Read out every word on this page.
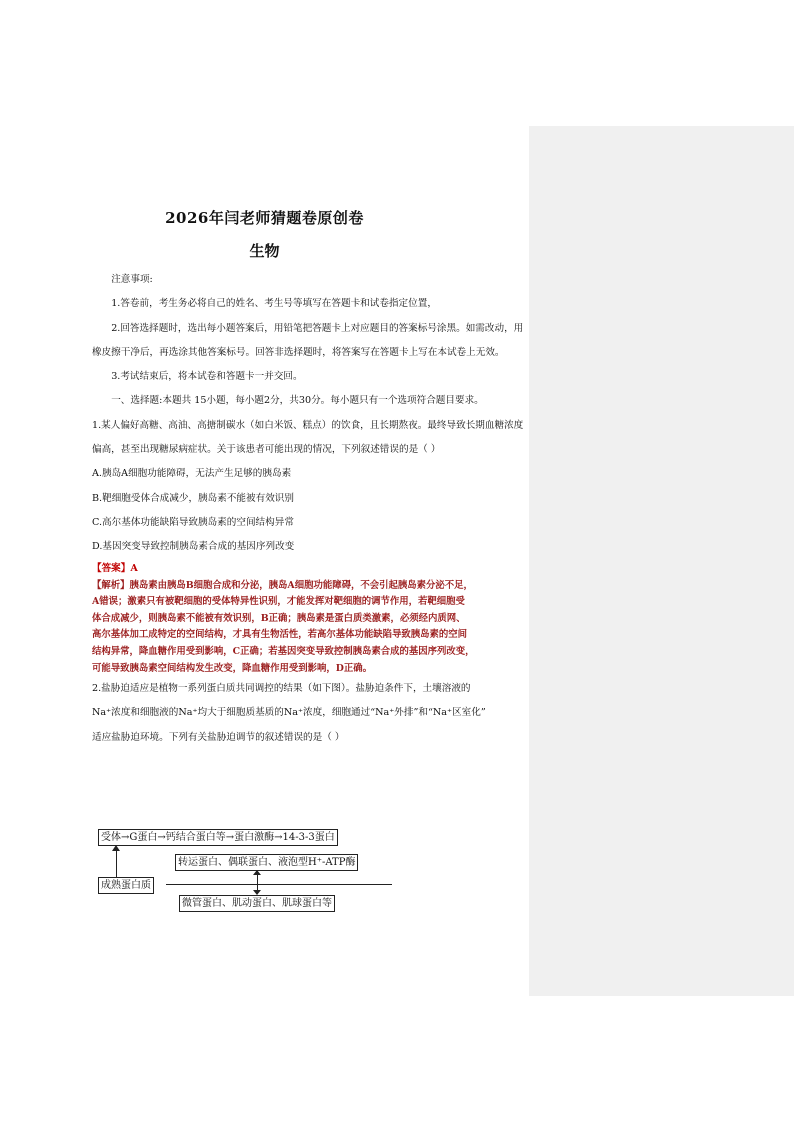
2026年闫老师猜题卷原创卷
生物

注意事项:

1.答卷前，考生务必将自己的姓名、考生号等填写在答题卡和试卷指定位置，

2.回答选择题时，选出每小题答案后，用铅笔把答题卡上对应题目的答案标号涂黑。如需改动，用橡皮擦干净后，再选涂其他答案标号。回答非选择题时，将答案写在答题卡上写在本试卷上无效。

3.考试结束后，将本试卷和答题卡一并交回。

一、选择题:本题共 15小题，每小题2分，共30分。每小题只有一个选项符合题目要求。

1.某人偏好高糖、高油、高搪制碳水（如白米饭、糕点）的饮食，且长期熬夜。最终导致长期血糖浓度偏高，甚至出现糖尿病症状。关于该患者可能出现的情况，下列叙述错误的是（ ）

A.胰岛A细胞功能障碍，无法产生足够的胰岛素

B.靶细胞受体合成减少，胰岛素不能被有效识别

C.高尔基体功能缺陷导致胰岛素的空间结构异常

D.基因突变导致控制胰岛素合成的基因序列改变

【答案】A

【解析】胰岛素由胰岛B细胞合成和分泌，胰岛A细胞功能障碍，不会引起胰岛素分泌不足，

A错误；激素只有被靶细胞的受体特异性识别，才能发挥对靶细胞的调节作用，若靶细胞受

体合成减少，则胰岛素不能被有效识别，B正确；胰岛素是蛋白质类激素，必须经内质网、

高尔基体加工成特定的空间结构，才具有生物活性，若高尔基体功能缺陷导致胰岛素的空间

结构异常，降血糖作用受到影响，C正确；若基因突变导致控制胰岛素合成的基因序列改变，

可能导致胰岛素空间结构发生改变，降血糖作用受到影响，D正确。

2.盐胁迫适应是植物一系列蛋白质共同调控的结果（如下图）。盐胁迫条件下，土壤溶液的

Na⁺浓度和细胞液的Na⁺均大于细胞质基质的Na⁺浓度，细胞通过“Na⁺外排”和“Na⁺区室化”

适应盐胁迫环境。下列有关盐胁迫调节的叙述错误的是（ ）

受体→G蛋白→钙结合蛋白等→蛋白激酶→14-3-3蛋白
转运蛋白、偶联蛋白、液泡型H⁺-ATP酶
成熟蛋白质
微管蛋白、肌动蛋白、肌球蛋白等
